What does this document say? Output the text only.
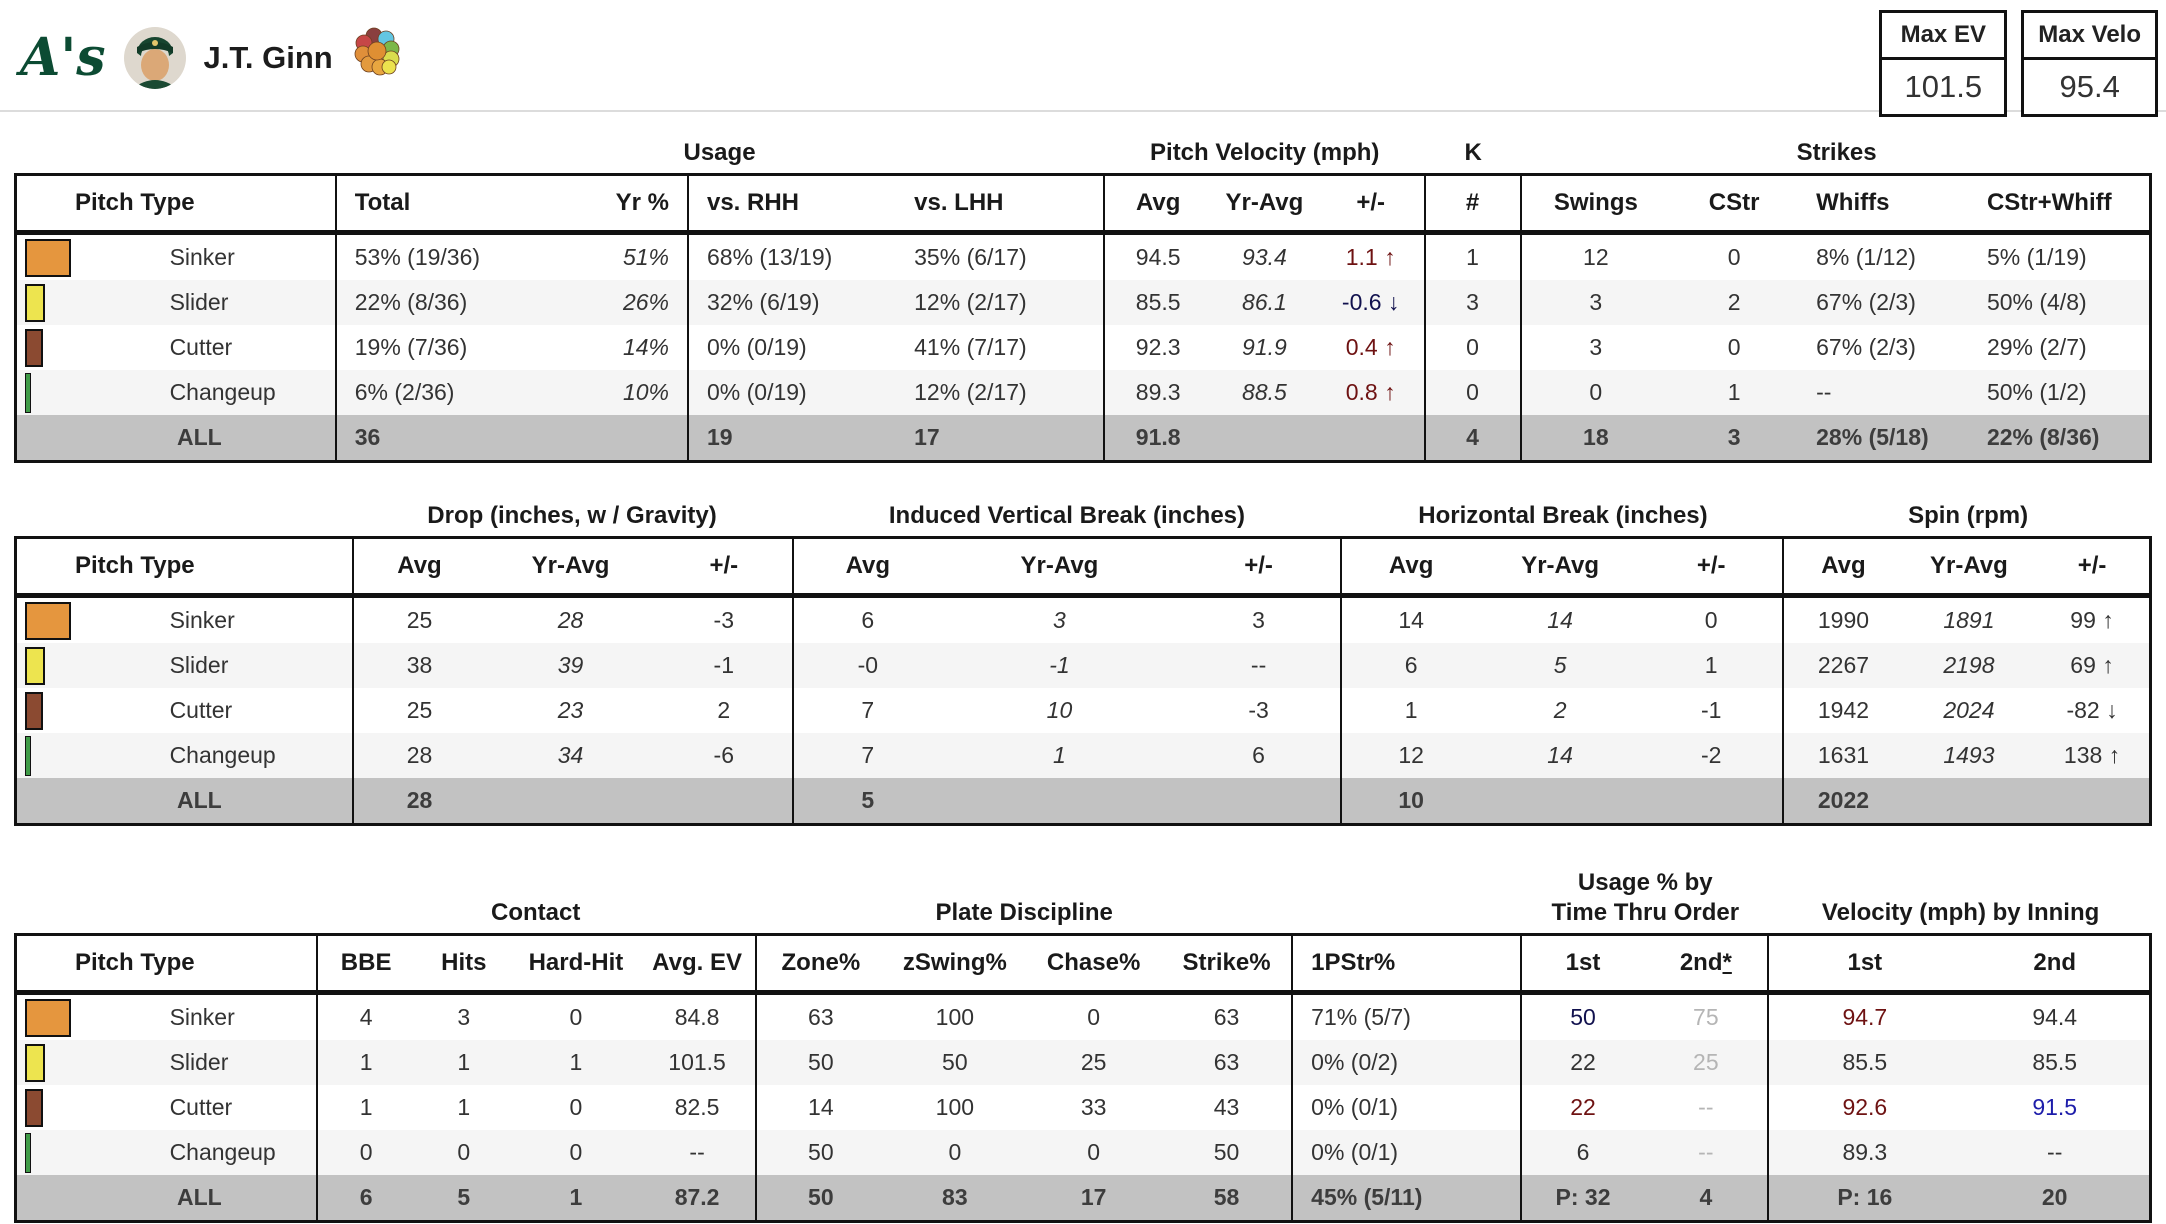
A's	J.T. Ginn
Max EV
101.5
Max Velo
95.4
Usage	Pitch Velocity (mph)	K	Strikes
Pitch Type		Total	Yr %	vs. RHH	vs. LHH	Avg	Yr-Avg	+/-	#	Swings	CStr	Whiffs	CStr+Whiff

	Sinker	53% (19/36)	51%	68% (13/19)	35% (6/17)	94.5	93.4	1.1 ↑	1	12	0	8% (1/12)	5% (1/19)

	Slider	22% (8/36)	26%	32% (6/19)	12% (2/17)	85.5	86.1	-0.6 ↓	3	3	2	67% (2/3)	50% (4/8)

	Cutter	19% (7/36)	14%	0% (0/19)	41% (7/17)	92.3	91.9	0.4 ↑	0	3	0	67% (2/3)	29% (2/7)

	Changeup	6% (2/36)	10%	0% (0/19)	12% (2/17)	89.3	88.5	0.8 ↑	0	0	1	--	50% (1/2)
ALL		36		19	17	91.8			4	18	3	28% (5/18)	22% (8/36)
Drop (inches, w / Gravity)	Induced Vertical Break (inches)	Horizontal Break (inches)	Spin (rpm)
Pitch Type		Avg	Yr-Avg	+/-	Avg	Yr-Avg	+/-	Avg	Yr-Avg	+/-	Avg	Yr-Avg	+/-

	Sinker	25	28	-3	6	3	3	14	14	0	1990	1891	99 ↑

	Slider	38	39	-1	-0	-1	--	6	5	1	2267	2198	69 ↑

	Cutter	25	23	2	7	10	-3	1	2	-1	1942	2024	-82 ↓

	Changeup	28	34	-6	7	1	6	12	14	-2	1631	1493	138 ↑
ALL		28			5			10			2022		
Contact	Plate Discipline
Usage % by
Time Thru Order	Velocity (mph) by Inning
Pitch Type		BBE	Hits	Hard-Hit	Avg. EV	Zone%	zSwing%	Chase%	Strike%	1PStr%	1st	2nd*	1st	2nd

	Sinker	4	3	0	84.8	63	100	0	63	71% (5/7)	50	75	94.7	94.4

	Slider	1	1	1	101.5	50	50	25	63	0% (0/2)	22	25	85.5	85.5

	Cutter	1	1	0	82.5	14	100	33	43	0% (0/1)	22	--	92.6	91.5

	Changeup	0	0	0	--	50	0	0	50	0% (0/1)	6	--	89.3	--
ALL		6	5	1	87.2	50	83	17	58	45% (5/11)	P: 32	4	P: 16	20
